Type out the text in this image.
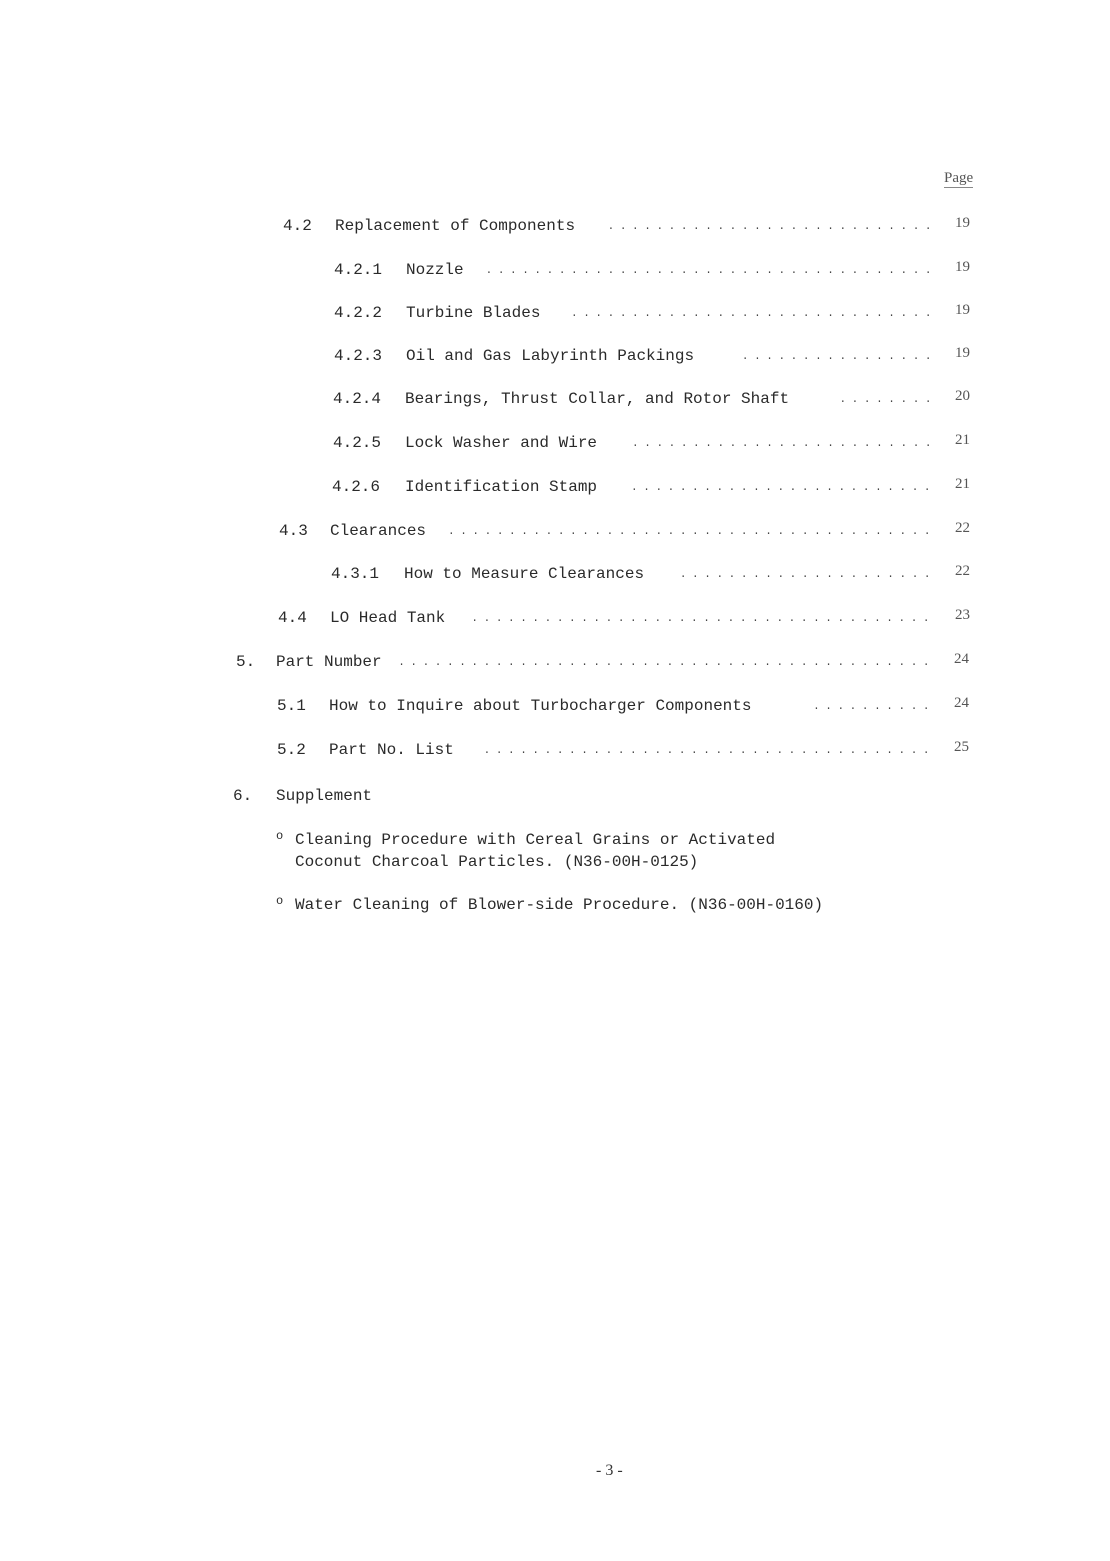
Page
4.2 Replacement of Components . . .	19
4.2.1 Nozzle . . .	19
4.2.2 Turbine Blades . . .	19
4.2.3 Oil and Gas Labyrinth Packings . . .	19
4.2.4 Bearings, Thrust Collar, and Rotor Shaft . . .	20
4.2.5 Lock Washer and Wire . . .	21
4.2.6 Identification Stamp . . .	21
4.3 Clearances . . .	22
4.3.1 How to Measure Clearances . . .	22
4.4 LO Head Tank . . .	23
5. Part Number . . .	24
5.1 How to Inquire about Turbocharger Components . . .	24
5.2 Part No. List . . .	25
6. Supplement
o Cleaning Procedure with Cereal Grains or Activated
Coconut Charcoal Particles. (N36-00H-0125)
o Water Cleaning of Blower-side Procedure. (N36-00H-0160)
- 3 -
